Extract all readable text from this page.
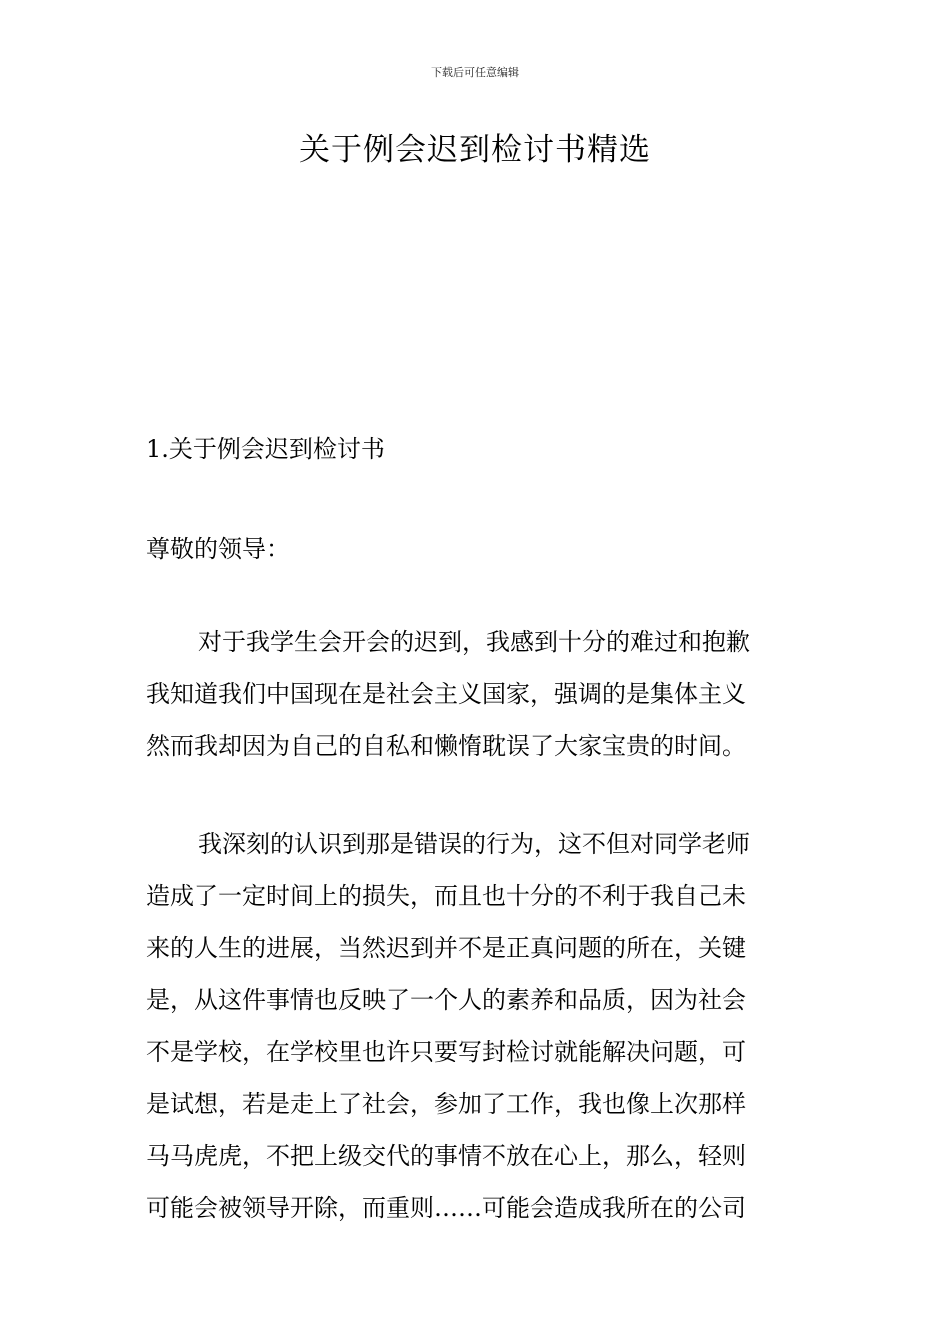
下载后可任意编辑
关于例会迟到检讨书精选
1.关于例会迟到检讨书

尊敬的领导：

对于我学生会开会的迟到，我感到十分的难过和抱歉
我知道我们中国现在是社会主义国家，强调的是集体主义
然而我却因为自己的自私和懒惰耽误了大家宝贵的时间。

我深刻的认识到那是错误的行为，这不但对同学老师
造成了一定时间上的损失，而且也十分的不利于我自己未
来的人生的进展，当然迟到并不是正真问题的所在，关键
是，从这件事情也反映了一个人的素养和品质，因为社会
不是学校，在学校里也许只要写封检讨就能解决问题，可
是试想，若是走上了社会，参加了工作，我也像上次那样
马马虎虎，不把上级交代的事情不放在心上，那么，轻则
可能会被领导开除，而重则……可能会造成我所在的公司
